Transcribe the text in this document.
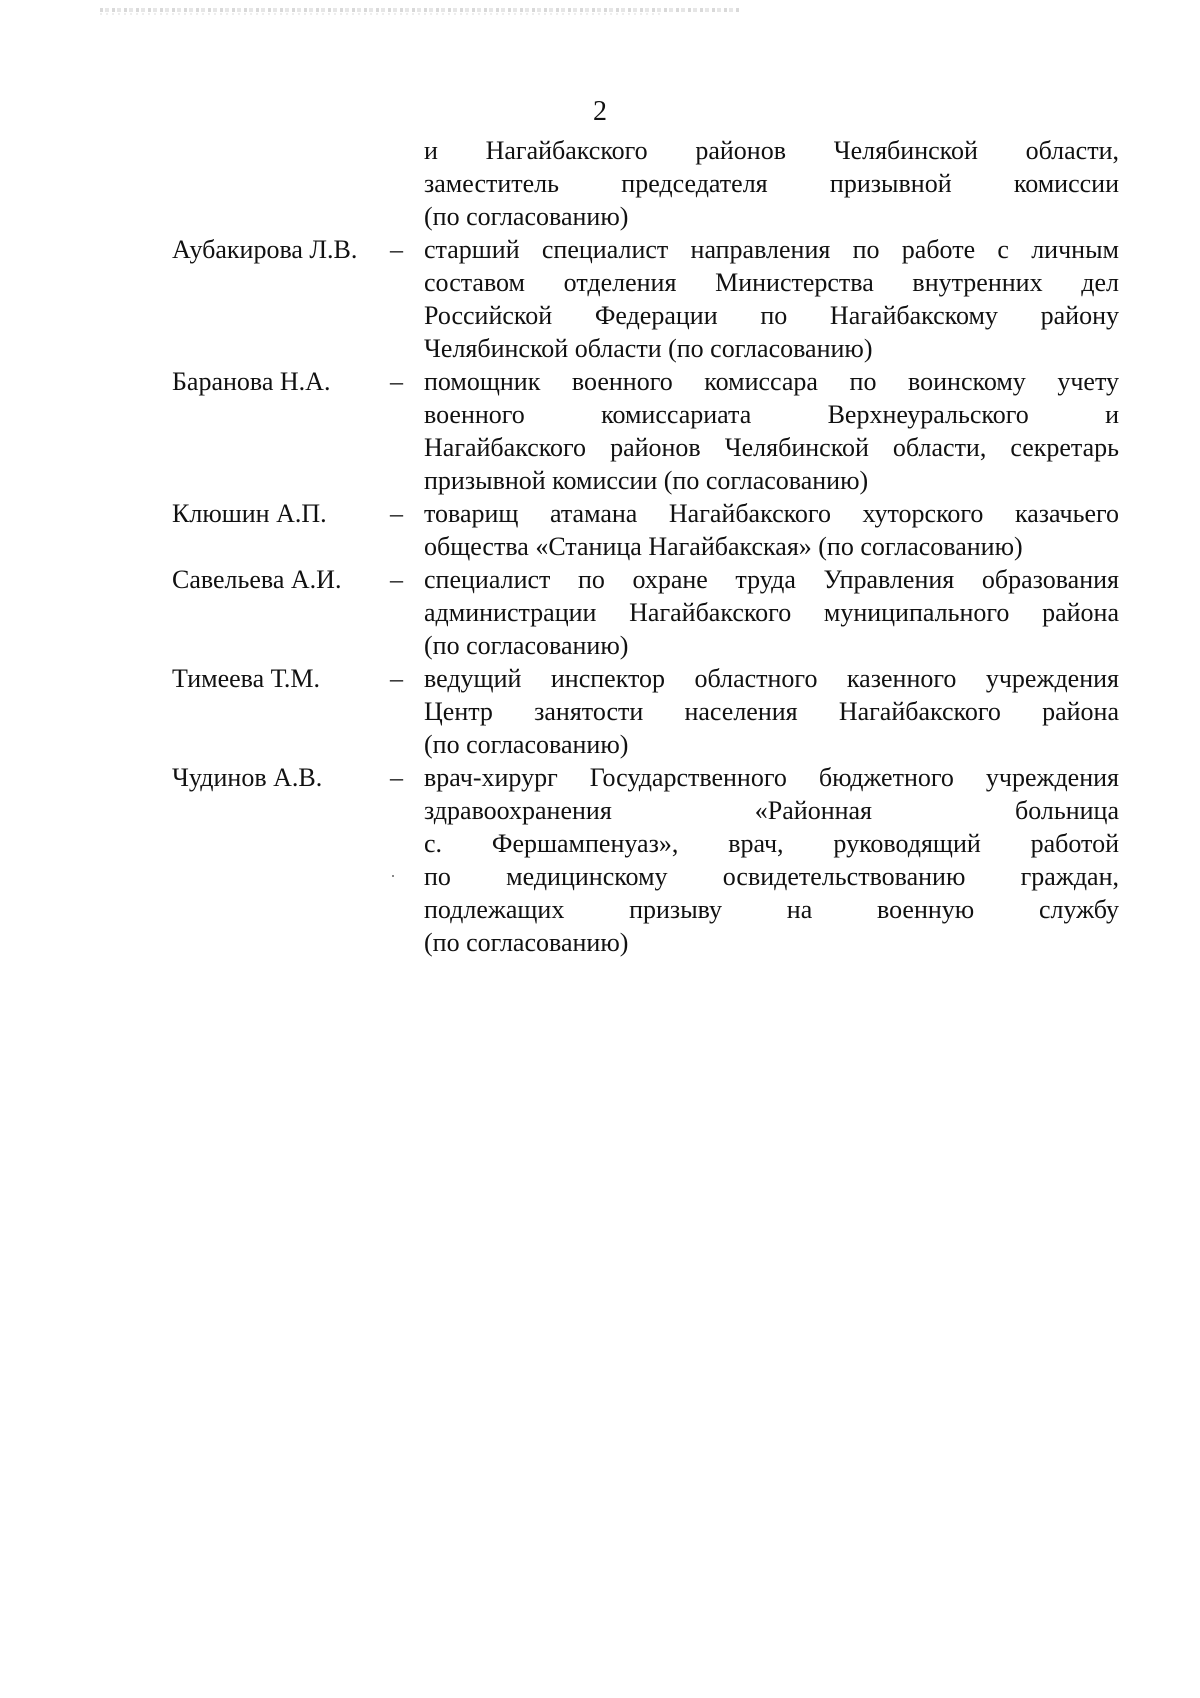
2
и Нагайбакского районов Челябинской области,
заместитель председателя призывной комиссии
(по согласованию)
Аубакирова Л.В.	– старший специалист направления по работе с личным
составом отделения Министерства внутренних дел
Российской Федерации по Нагайбакскому району
Челябинской области (по согласованию)
Баранова Н.А.	– помощник военного комиссара по воинскому учету
военного комиссариата Верхнеуральского и
Нагайбакского районов Челябинской области, секретарь
призывной комиссии (по согласованию)
Клюшин А.П.	– товарищ атамана Нагайбакского хуторского казачьего
общества «Станица Нагайбакская» (по согласованию)
Савельева А.И.	– специалист по охране труда Управления образования
администрации Нагайбакского муниципального района
(по согласованию)
Тимеева Т.М.	– ведущий инспектор областного казенного учреждения
Центр занятости населения Нагайбакского района
(по согласованию)
Чудинов А.В.	– врач-хирург Государственного бюджетного учреждения
здравоохранения «Районная больница
с. Фершампенуаз», врач, руководящий работой
по медицинскому освидетельствованию граждан,
подлежащих призыву на военную службу
(по согласованию)
